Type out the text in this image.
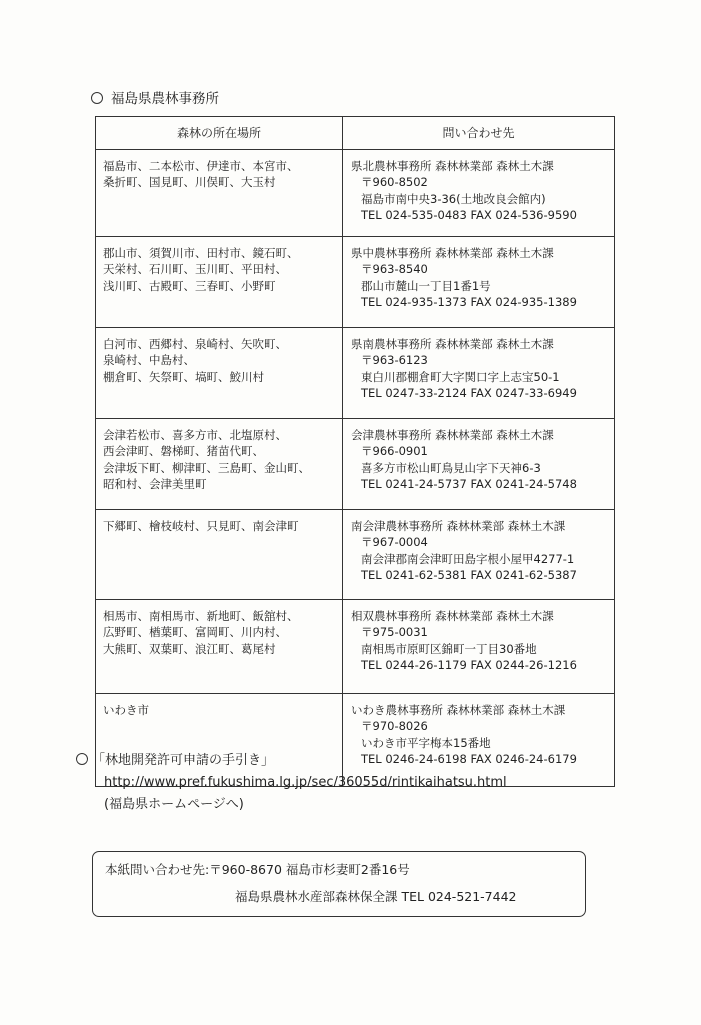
福島県農林事務所
森林の所在場所	問い合わせ先

福島市、二本松市、伊達市、本宮市、
桑折町、国見町、川俣町、大玉村	県北農林事務所 森林林業部 森林土木課
〒960-8502
福島市南中央3-36(土地改良会館内)
TEL 024-535-0483 FAX 024-536-9590

郡山市、須賀川市、田村市、鏡石町、
天栄村、石川町、玉川町、平田村、
浅川町、古殿町、三春町、小野町	県中農林事務所 森林林業部 森林土木課
〒963-8540
郡山市麓山一丁目1番1号
TEL 024-935-1373 FAX 024-935-1389

白河市、西郷村、泉崎村、矢吹町、
泉崎村、中島村、
棚倉町、矢祭町、塙町、鮫川村	県南農林事務所 森林林業部 森林土木課
〒963-6123
東白川郡棚倉町大字関口字上志宝50-1
TEL 0247-33-2124 FAX 0247-33-6949

会津若松市、喜多方市、北塩原村、
西会津町、磐梯町、猪苗代町、
会津坂下町、柳津町、三島町、金山町、
昭和村、会津美里町	会津農林事務所 森林林業部 森林土木課
〒966-0901
喜多方市松山町鳥見山字下天神6-3
TEL 0241-24-5737 FAX 0241-24-5748

下郷町、檜枝岐村、只見町、南会津町	南会津農林事務所 森林林業部 森林土木課
〒967-0004
南会津郡南会津町田島字根小屋甲4277-1
TEL 0241-62-5381 FAX 0241-62-5387

相馬市、南相馬市、新地町、飯舘村、
広野町、楢葉町、富岡町、川内村、
大熊町、双葉町、浪江町、葛尾村	相双農林事務所 森林林業部 森林土木課
〒975-0031
南相馬市原町区錦町一丁目30番地
TEL 0244-26-1179 FAX 0244-26-1216

いわき市	いわき農林事務所 森林林業部 森林土木課
〒970-8026
いわき市平字梅本15番地
TEL 0246-24-6198 FAX 0246-24-6179
「林地開発許可申請の手引き」
http://www.pref.fukushima.lg.jp/sec/36055d/rintikaihatsu.html
(福島県ホームページへ)
本紙問い合わせ先:〒960-8670 福島市杉妻町2番16号
福島県農林水産部森林保全課 TEL 024-521-7442
